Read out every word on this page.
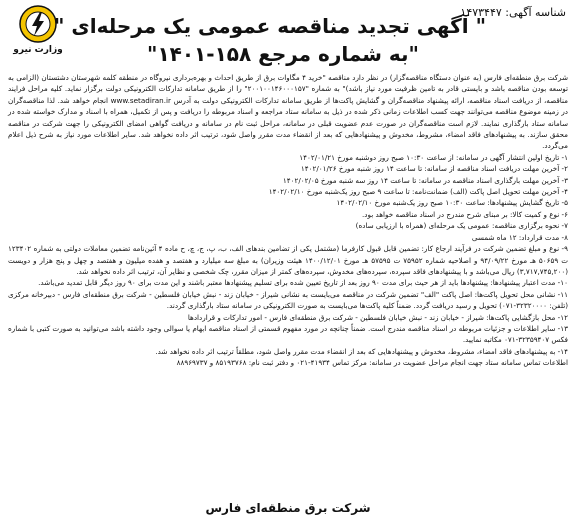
شناسه آگهی: ۱۴۷۳۴۴۷
وزارت نیرو
" آگهی تجدید مناقصه عمومی یک مرحله‌ای "
"به شماره مرجع ۱۵۸-۱۴۰۱"

شرکت برق منطقه‌ای فارس (به عنوان دستگاه مناقصه‌گزار) در نظر دارد مناقصه "خرید ۴ مگاوات برق از طریق احداث و بهره‌برداری نیروگاه در منطقه کلمه شهرستان دشتستان (الزامی به توسعه بودن مناقصه باشد و بایستی قادر به تامین ظرفیت مورد نیاز باشد)" به شماره "۲۰۰۱۰۰۱۴۶۰۰۰۱۵۷" را از طریق سامانه تدارکات الکترونیکی دولت برگزار نماید. کلیه مراحل فرایند مناقصه، از دریافت اسناد مناقصه، ارائه پیشنهاد مناقصه‌گران و گشایش پاکت‌ها از طریق سامانه تدارکات الکترونیکی دولت به آدرس www.setadiran.ir انجام خواهد شد. لذا مناقصه‌گران در زمینه موضوع مناقصه می‌توانند جهت کسب اطلاعات زمانی ذکر شده در ذیل به سامانه ستاد مراجعه و اسناد مربوطه را دریافت و پس از تکمیل، همراه با اسناد و مدارک خواسته شده در سامانه ستاد بارگذاری نمایند. لازم است مناقصه‌گران در صورت عدم عضویت قبلی در سامانه، مراحل ثبت نام در سامانه و دریافت گواهی امضای الکترونیکی را جهت شرکت در مناقصه محقق سازند. به پیشنهادهای فاقد امضاء، مشروط، مخدوش و پیشنهادهایی که بعد از انقضاء مدت مقرر واصل شود، ترتیب اثر داده نخواهد شد. سایر اطلاعات مورد نیاز به شرح ذیل اعلام می‌گردد.

۱- تاریخ اولین انتشار آگهی در سامانه: از ساعت ۱۰:۳۰ صبح روز دوشنبه مورخ ۱۴۰۲/۰۱/۲۱

۲- آخرین مهلت دریافت اسناد مناقصه از سامانه: تا ساعت ۱۴ روز شنبه مورخ ۱۴۰۲/۰۱/۲۶

۳- آخرین مهلت بارگذاری اسناد مناقصه در سامانه: تا ساعت ۱۴ روز سه شنبه مورخ ۱۴۰۲/۰۲/۰۵

۴- آخرین مهلت تحویل اصل پاکت (الف) ضمانت‌نامه: تا ساعت ۹ صبح روز یک‌شنبه مورخ ۱۴۰۲/۰۲/۱۰

۵- تاریخ گشایش پیشنهادها: ساعت ۱۰:۳۰ صبح روز یک‌شنبه مورخ ۱۴۰۲/۰۲/۱۰

۶- نوع و کمیت کالا: بر مبنای شرح مندرج در اسناد مناقصه خواهد بود.

۷- نحوه برگزاری مناقصه: عمومی یک مرحله‌ای (همراه با ارزیابی ساده)

۸- مدت قرارداد: ۱۲ ماه شمسی

۹- نوع و مبلغ تضمین شرکت در فرآیند ارجاع کار: تضمین قابل قبول کارفرما (مشتمل یکی از تضامین بندهای الف، ب، پ، ج، چ، ح ماده ۴ آئین‌نامه تضمین معاملات دولتی به شماره ۱۲۳۴۰۲ ت ۵۰۶۵۹ هـ مورخ ۹۴/۰۹/۲۲ و اصلاحیه شماره ۷۵۹۵۲ ت ۵۷۵۹۵ هـ مورخ ۱۴۰۰/۱۲/۰۱ هیئت وزیران) به مبلغ سه میلیارد و هفتصد و هفده میلیون و هفتصد و چهل و پنج هزار و دویست (۳,۷۱۷,۷۴۵,۲۰۰) ریال می‌باشد و با پیشنهادهای فاقد سپرده، سپرده‌های مخدوش، سپرده‌های کمتر از میزان مقرر، چک شخصی و نظایر آن، ترتیب اثر داده نخواهد شد.

۱۰- مدت اعتبار پیشنهادها: پیشنهادها باید از هر حیث برای مدت ۹۰ روز بعد از تاریخ تعیین شده برای تسلیم پیشنهادها معتبر باشند و این مدت برای ۹۰ روز دیگر قابل تمدید می‌باشد.

۱۱- نشانی محل تحویل پاکت‌ها: اصل پاکت "الف" تضمین شرکت در مناقصه می‌بایست به نشانی شیراز - خیابان زند - نبش خیابان فلسطین - شرکت برق منطقه‌ای فارس - دبیرخانه مرکزی (تلفن: ۳۲۳۲۰۰۰۰-۰۷۱) تحویل و رسید دریافت گردد. ضمناً کلیه پاکت‌ها می‌بایست به صورت الکترونیکی در سامانه ستاد بارگذاری گردند.

۱۲- محل بازگشایی پاکت‌ها: شیراز - خیابان زند - نبش خیابان فلسطین - شرکت برق منطقه‌ای فارس - امور تدارکات و قراردادها

۱۳- سایر اطلاعات و جزئیات مربوطه در اسناد مناقصه مندرج است. ضمناً چنانچه در مورد مفهوم قسمتی از اسناد مناقصه ابهام یا سوالی وجود داشته باشد می‌توانید به صورت کتبی با شماره فکس ۳۲۳۵۹۴۰۷-۰۷۱ مکاتبه نمایید.

۱۴- به پیشنهادهای فاقد امضاء، مشروط، مخدوش و پیشنهادهایی که بعد از انقضاء مدت مقرر واصل شود، مطلقاً ترتیب اثر داده نخواهد شد.

اطلاعات تماس سامانه ستاد جهت انجام مراحل عضویت در سامانه: مرکز تماس ۴۱۹۳۴-۰۲۱ و دفتر ثبت نام: ۸۵۱۹۳۷۶۸ و ۸۸۹۶۹۷۳۷

شرکت برق منطقه‌ای فارس
